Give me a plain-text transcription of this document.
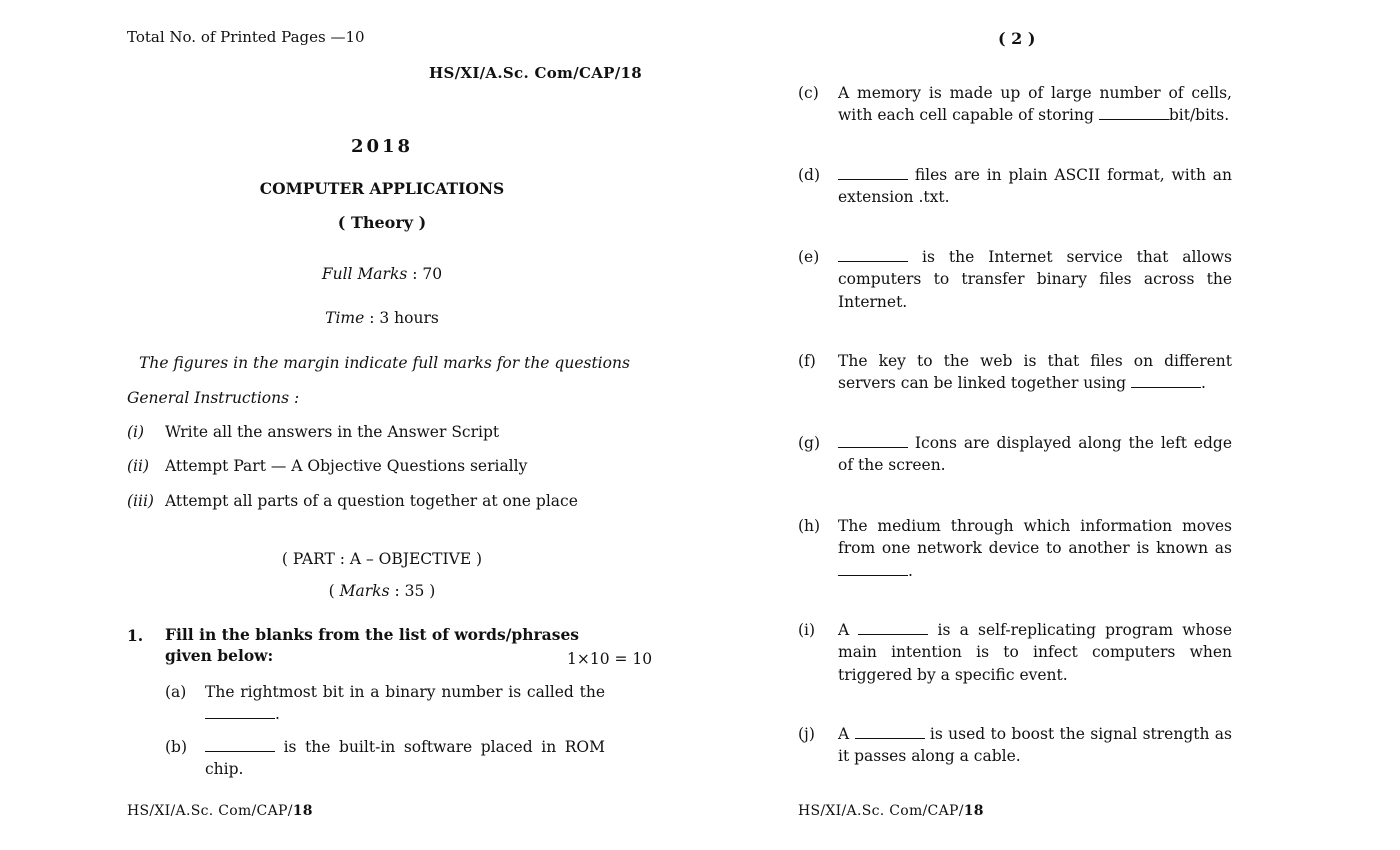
Total No. of Printed Pages —10
HS/XI/A.Sc. Com/CAP/18
2018
COMPUTER APPLICATIONS
( Theory )
Full Marks : 70
Time : 3 hours
The figures in the margin indicate full marks for the questions
General Instructions :
(i) Write all the answers in the Answer Script
(ii) Attempt Part — A Objective Questions serially
(iii) Attempt all parts of a question together at one place
( PART : A – OBJECTIVE )
( Marks : 35 )
1. Fill in the blanks from the list of words/phrases given below:	1×10 = 10
(a) The rightmost bit in a binary number is called the .
(b)	is the built-in software placed in ROM chip.
HS/XI/A.Sc. Com/CAP/18
( 2 )
(c) A memory is made up of large number of cells, with each cell capable of storing	bit/bits.
(d)	files are in plain ASCII format, with an extension .txt.
(e)	is the Internet service that allows computers to transfer binary files across the Internet.
(f) The key to the web is that files on different servers can be linked together using	.
(g)	Icons are displayed along the left edge of the screen.
(h) The medium through which information moves from one network device to another is known as .
(i) A	is a self-replicating program whose main intention is to infect computers when triggered by a specific event.
(j) A	is used to boost the signal strength as it passes along a cable.
HS/XI/A.Sc. Com/CAP/18
